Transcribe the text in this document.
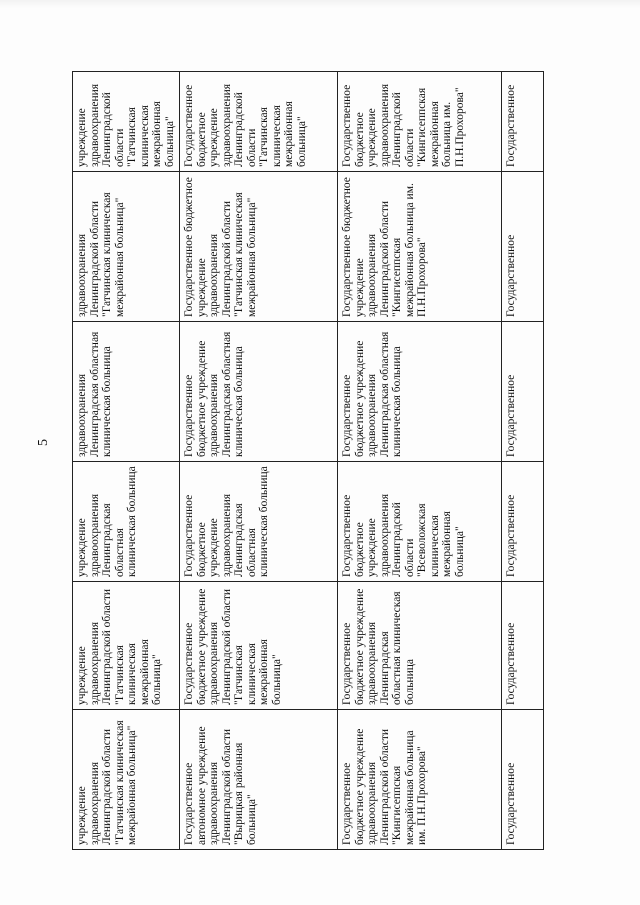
5
учреждение здравоохранения Ленинградской области "Гатчинская клиническая межрайонная больница"	учреждение здравоохранения Ленинградской области "Гатчинская клиническая межрайонная больница"	учреждение здравоохранения Ленинградская областная клиническая больница	здравоохранения Ленинградская областная клиническая больница	здравоохранения Ленинградской области "Гатчинская клиническая межрайонная больница"	учреждение здравоохранения Ленинградской области "Гатчинская клиническая межрайонная больница"
Государственное автономное учреждение здравоохранения Ленинградской области "Вырицкая районная больница"	Государственное бюджетное учреждение здравоохранения Ленинградской области "Гатчинская клиническая межрайонная больница"	Государственное бюджетное учреждение здравоохранения Ленинградская областная клиническая больница	Государственное бюджетное учреждение здравоохранения Ленинградская областная клиническая больница	Государственное бюджетное учреждение здравоохранения Ленинградской области "Гатчинская клиническая межрайонная больница"	Государственное бюджетное учреждение здравоохранения Ленинградской области "Гатчинская клиническая межрайонная больница"
Государственное бюджетное учреждение здравоохранения Ленинградской области "Кингисеппская межрайонная больница им. П.Н.Прохорова"	Государственное бюджетное учреждение здравоохранения Ленинградская областная клиническая больница	Государственное бюджетное учреждение здравоохранения Ленинградской области "Всеволожская клиническая межрайонная больница"	Государственное бюджетное учреждение здравоохранения Ленинградская областная клиническая больница	Государственное бюджетное учреждение здравоохранения Ленинградской области "Кингисеппская межрайонная больница им. П.Н.Прохорова"	Государственное бюджетное учреждение здравоохранения Ленинградской области "Кингисеппская межрайонная больница им. П.Н.Прохорова"
Государственное	Государственное	Государственное	Государственное	Государственное	Государственное
